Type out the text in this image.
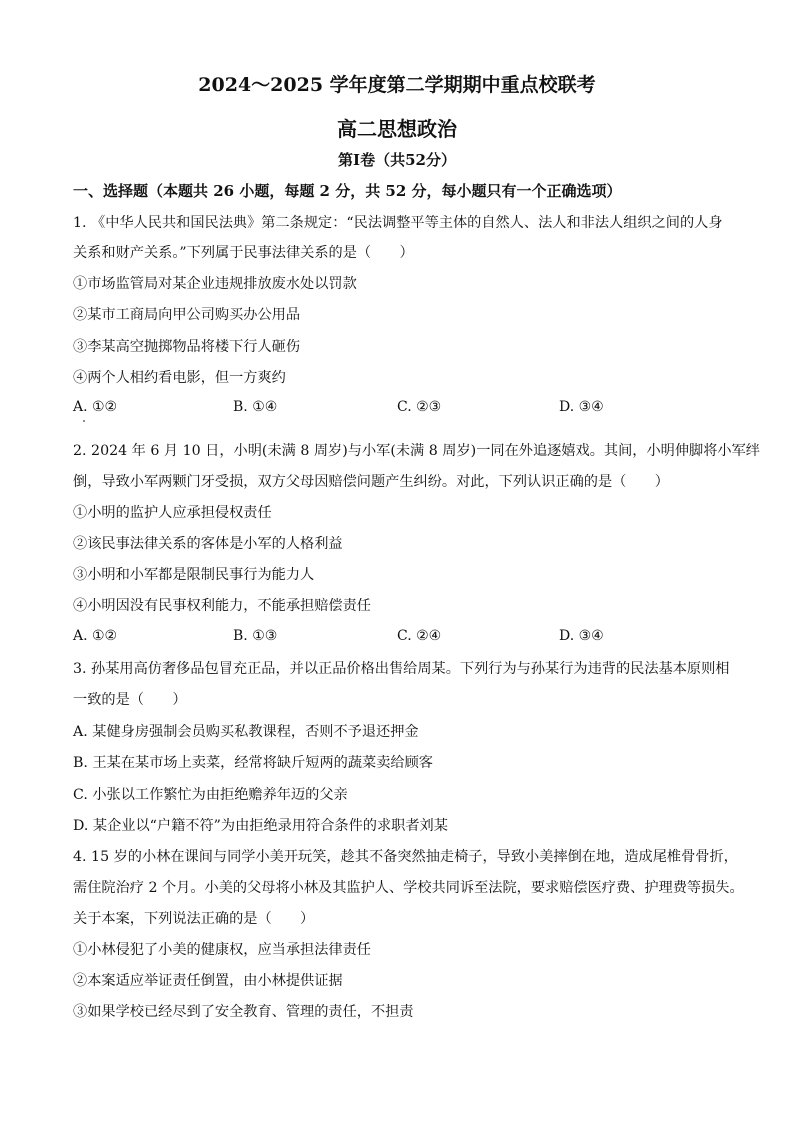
2024～2025 学年度第二学期期中重点校联考
高二思想政治
第Ⅰ卷（共52分）
一、选择题（本题共 26 小题，每题 2 分，共 52 分，每小题只有一个正确选项）
1. 《中华人民共和国民法典》第二条规定：“民法调整平等主体的自然人、法人和非法人组织之间的人身
关系和财产关系。”下列属于民事法律关系的是（　　）
①市场监管局对某企业违规排放废水处以罚款
②某市工商局向甲公司购买办公用品
③李某高空抛掷物品将楼下行人砸伤
④两个人相约看电影，但一方爽约
A. ①②	B. ①④	C. ②③	D. ③④
2. 2024 年 6 月 10 日，小明(未满 8 周岁)与小军(未满 8 周岁)一同在外追逐嬉戏。其间，小明伸脚将小军绊
倒，导致小军两颗门牙受损，双方父母因赔偿问题产生纠纷。对此，下列认识正确的是（　　）
①小明的监护人应承担侵权责任
②该民事法律关系的客体是小军的人格利益
③小明和小军都是限制民事行为能力人
④小明因没有民事权利能力，不能承担赔偿责任
A. ①②	B. ①③	C. ②④	D. ③④
3. 孙某用高仿奢侈品包冒充正品，并以正品价格出售给周某。下列行为与孙某行为违背的民法基本原则相
一致的是（　　）
A. 某健身房强制会员购买私教课程，否则不予退还押金
B. 王某在某市场上卖菜，经常将缺斤短两的蔬菜卖给顾客
C. 小张以工作繁忙为由拒绝赡养年迈的父亲
D. 某企业以“户籍不符”为由拒绝录用符合条件的求职者刘某
4. 15 岁的小林在课间与同学小美开玩笑，趁其不备突然抽走椅子，导致小美摔倒在地，造成尾椎骨骨折，
需住院治疗 2 个月。小美的父母将小林及其监护人、学校共同诉至法院，要求赔偿医疗费、护理费等损失。
关于本案，下列说法正确的是（　　）
①小林侵犯了小美的健康权，应当承担法律责任
②本案适应举证责任倒置，由小林提供证据
③如果学校已经尽到了安全教育、管理的责任，不担责
